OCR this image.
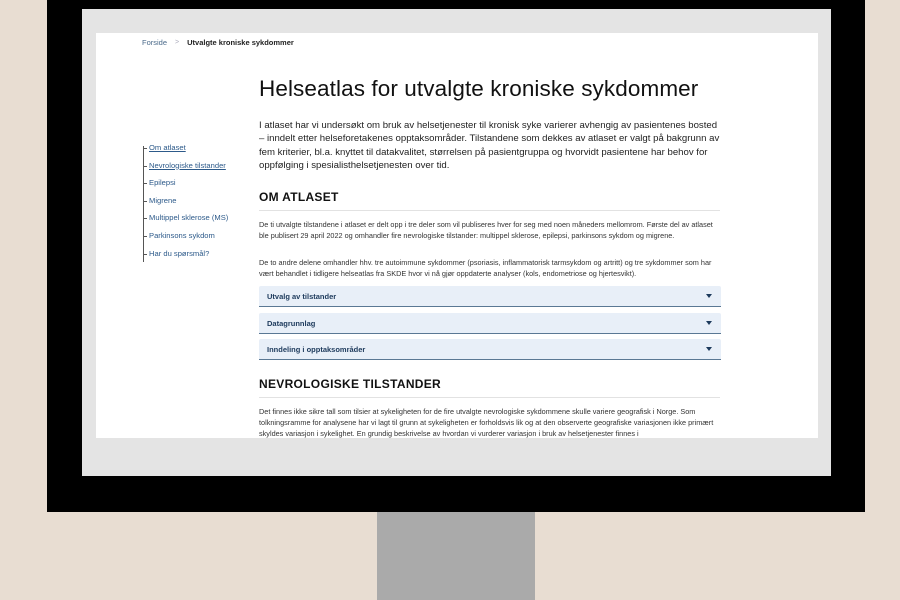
Forside > Utvalgte kroniske sykdommer
Helseatlas for utvalgte kroniske sykdommer

I atlaset har vi undersøkt om bruk av helsetjenester til kronisk syke varierer avhengig av pasientenes bosted – inndelt etter helseforetakenes opptaksområder. Tilstandene som dekkes av atlaset er valgt på bakgrunn av fem kriterier, bl.a. knyttet til datakvalitet, størrelsen på pasientgruppa og hvorvidt pasientene har behov for oppfølging i spesialisthelsetjenesten over tid.

Om atlaset
Nevrologiske tilstander
Epilepsi
Migrene
Multippel sklerose (MS)
Parkinsons sykdom
Har du spørsmål?
OM ATLASET

De ti utvalgte tilstandene i atlaset er delt opp i tre deler som vil publiseres hver for seg med noen måneders mellomrom. Første del av atlaset ble publisert 29 april 2022 og omhandler fire nevrologiske tilstander: multippel sklerose, epilepsi, parkinsons sykdom og migrene.

De to andre delene omhandler hhv. tre autoimmune sykdommer (psoriasis, inflammatorisk tarmsykdom og artritt) og tre sykdommer som har vært behandlet i tidligere helseatlas fra SKDE hvor vi nå gjør oppdaterte analyser (kols, endometriose og hjertesvikt).

Utvalg av tilstander
Datagrunnlag
Inndeling i opptaksområder
NEVROLOGISKE TILSTANDER

Det finnes ikke sikre tall som tilsier at sykeligheten for de fire utvalgte nevrologiske sykdommene skulle variere geografisk i Norge. Som tolkningsramme for analysene har vi lagt til grunn at sykeligheten er forholdsvis lik og at den observerte geografiske variasjonen ikke primært skyldes variasjon i sykelighet. En grundig beskrivelse av hvordan vi vurderer variasjon i bruk av helsetjenester finnes i
